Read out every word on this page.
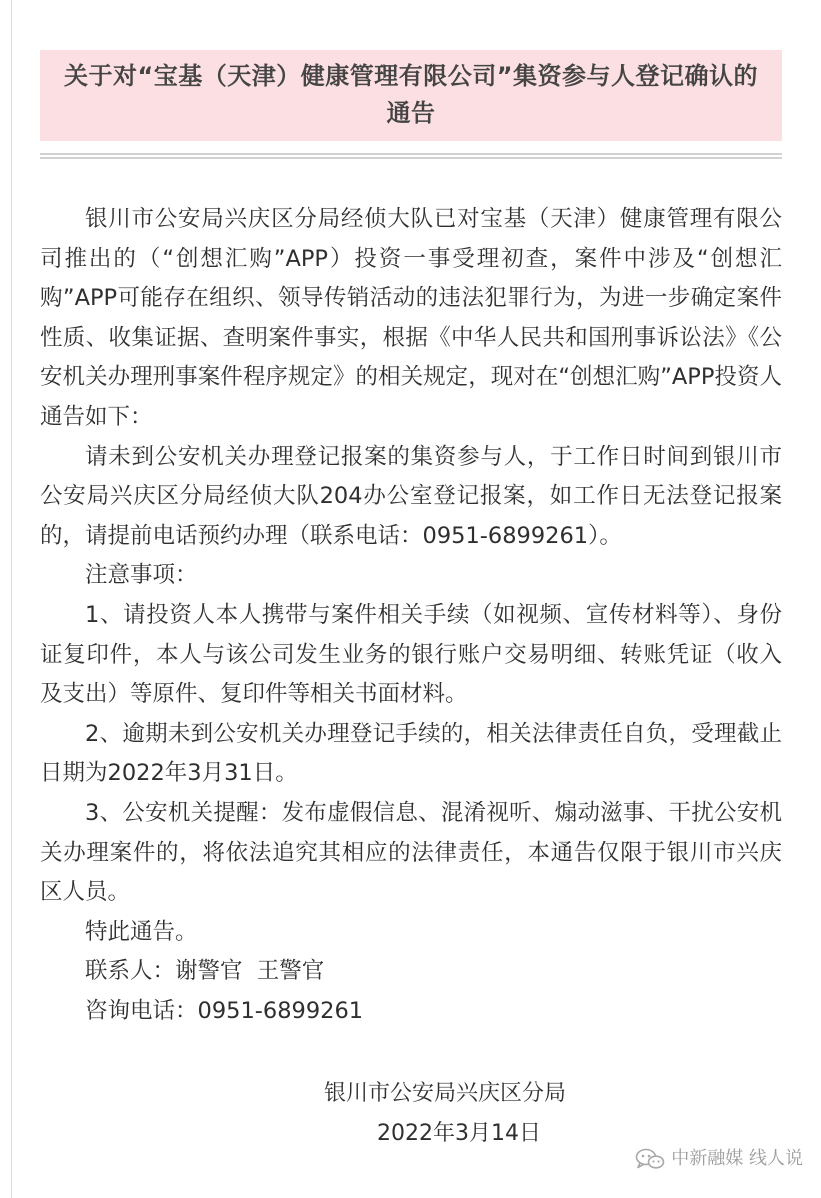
关于对“宝基（天津）健康管理有限公司”集资参与人登记确认的通告

银川市公安局兴庆区分局经侦大队已对宝基（天津）健康管理有限公司推出的（“创想汇购”APP）投资一事受理初查，案件中涉及“创想汇购”APP可能存在组织、领导传销活动的违法犯罪行为，为进一步确定案件性质、收集证据、查明案件事实，根据《中华人民共和国刑事诉讼法》《公安机关办理刑事案件程序规定》的相关规定，现对在“创想汇购”APP投资人通告如下：

请未到公安机关办理登记报案的集资参与人，于工作日时间到银川市公安局兴庆区分局经侦大队204办公室登记报案，如工作日无法登记报案的，请提前电话预约办理（联系电话：0951-6899261）。

注意事项：

1、请投资人本人携带与案件相关手续（如视频、宣传材料等）、身份证复印件，本人与该公司发生业务的银行账户交易明细、转账凭证（收入及支出）等原件、复印件等相关书面材料。

2、逾期未到公安机关办理登记手续的，相关法律责任自负，受理截止日期为2022年3月31日。

3、公安机关提醒：发布虚假信息、混淆视听、煽动滋事、干扰公安机关办理案件的，将依法追究其相应的法律责任，本通告仅限于银川市兴庆区人员。

特此通告。

联系人：谢警官  王警官

咨询电话：0951-6899261

银川市公安局兴庆区分局
2022年3月14日
中新融媒 线人说
